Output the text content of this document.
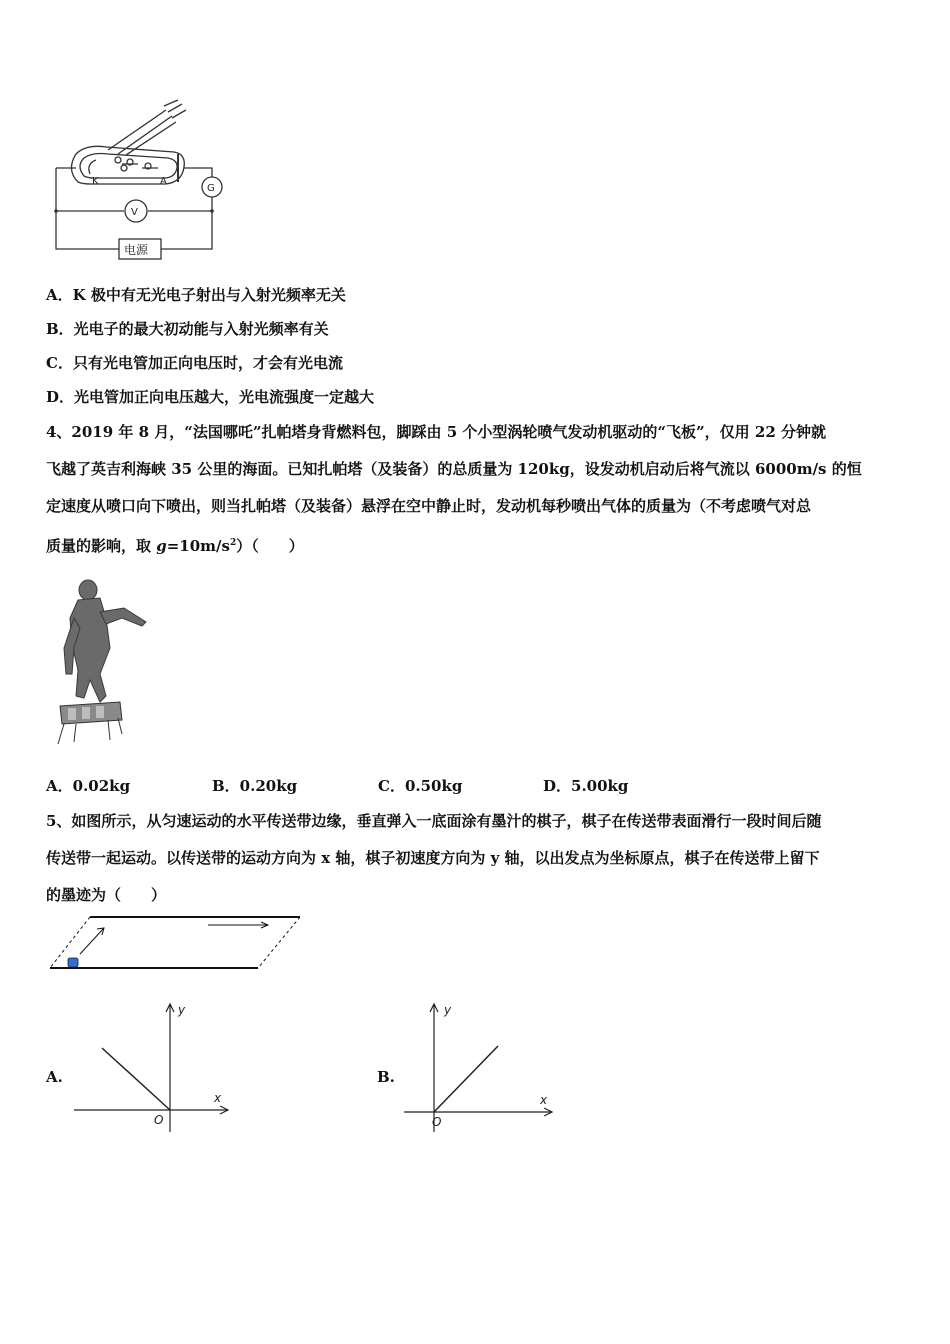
K	A
G
V
电源
A．K 极中有无光电子射出与入射光频率无关
B．光电子的最大初动能与入射光频率有关
C．只有光电管加正向电压时，才会有光电流
D．光电管加正向电压越大，光电流强度一定越大
4、2019 年 8 月，“法国哪吒”扎帕塔身背燃料包，脚踩由 5 个小型涡轮喷气发动机驱动的“飞板”，仅用 22 分钟就
飞越了英吉利海峡 35 公里的海面。已知扎帕塔（及装备）的总质量为 120kg，设发动机启动后将气流以 6000m/s 的恒
定速度从喷口向下喷出，则当扎帕塔（及装备）悬浮在空中静止时，发动机每秒喷出气体的质量为（不考虑喷气对总
质量的影响，取 $g=10m/s^2$）（　　）
A．0.02kg	B．0.20kg	C．0.50kg	D．5.00kg
5、如图所示，从匀速运动的水平传送带边缘，垂直弹入一底面涂有墨汁的棋子，棋子在传送带表面滑行一段时间后随
传送带一起运动。以传送带的运动方向为 x 轴，棋子初速度方向为 y 轴，以出发点为坐标原点，棋子在传送带上留下
的墨迹为（　　）
A.
y
x
O
B.
y
x
O
